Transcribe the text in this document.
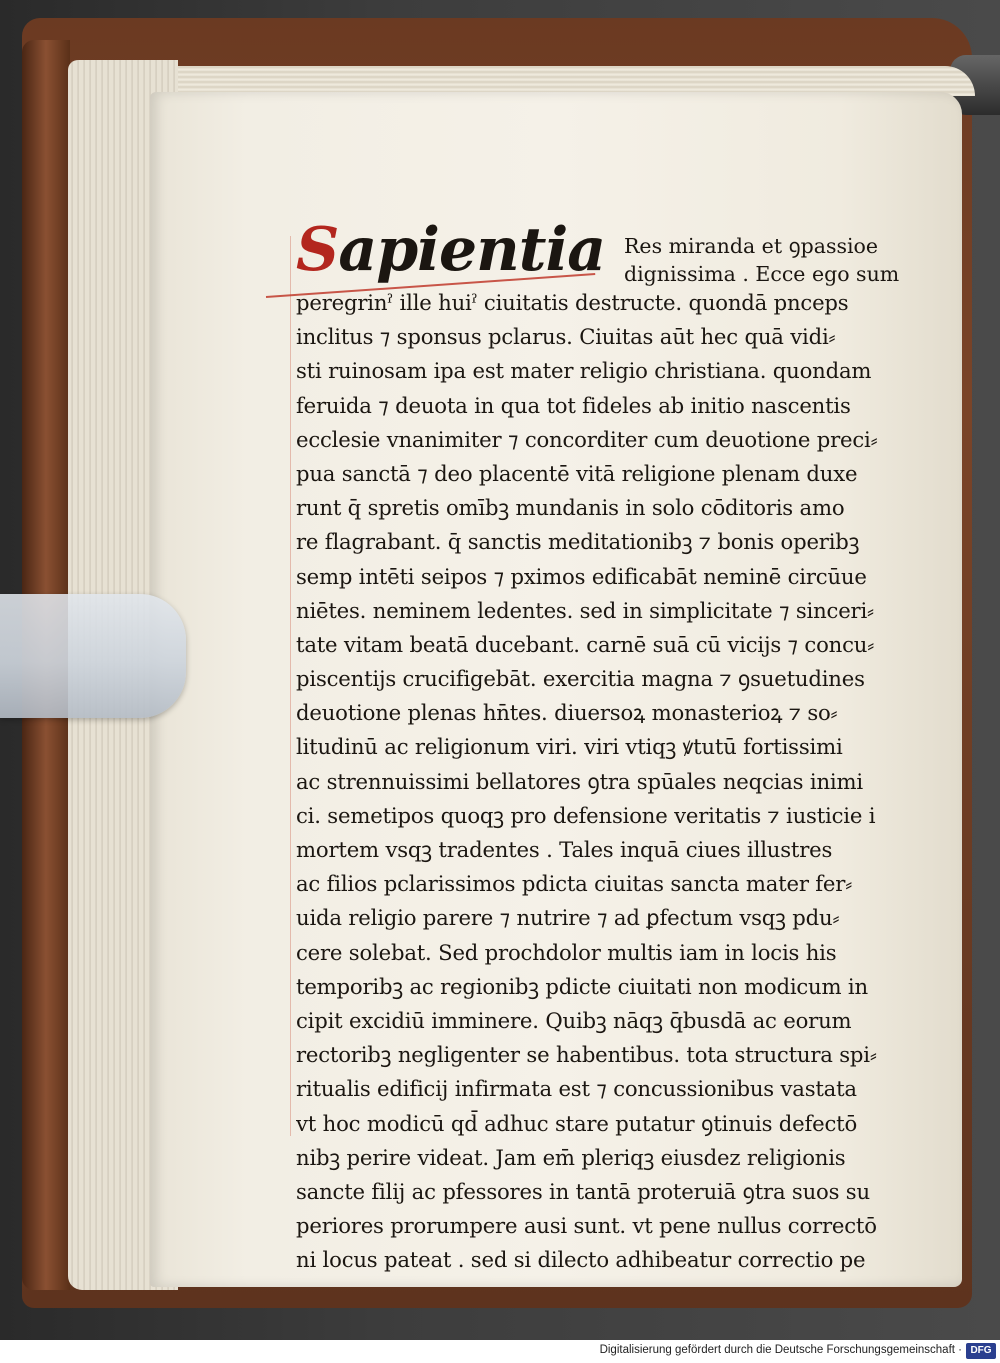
Sapientia Res miranda et ꝯpassioe
dignissima . Ecce ego sum
peregrinˀ ille huiˀ ciuitatis destructe. quondā pnceps
inclitus ⁊ sponsus pclarus. Ciuitas aūt hec quā vidi⸗
sti ruinosam ipa est mater religio christiana. quondam
feruida ⁊ deuota in qua tot fideles ab initio nascentis
ecclesie vnanimiter ⁊ concorditer cum deuotione preci⸗
pua sanctā ⁊ deo placentē vitā religione plenam duxe
runt q̄ spretis omībꝫ mundanis in solo cōditoris amo
re flagrabant. q̄ sanctis meditationibꝫ ⁊ bonis operibꝫ
semp intēti seipos ⁊ pximos edificabāt neminē circūue
niētes. neminem ledentes. sed in simplicitate ⁊ sinceri⸗
tate vitam beatā ducebant. carnē suā cū vicijs ⁊ concu⸗
piscentijs crucifigebāt. exercitia magna ⁊ ꝯsuetudines
deuotione plenas hn̄tes. diuersoꝝ monasterioꝝ ⁊ so⸗
litudinū ac religionum viri. viri vtiqꝫ ꝟtutū fortissimi
ac strennuissimi bellatores ꝯtra spūales neqcias inimi
ci. semetipos quoqꝫ pro defensione veritatis ⁊ iusticie i
mortem vsqꝫ tradentes . Tales inquā ciues illustres
ac filios pclarissimos pdicta ciuitas sancta mater fer⸗
uida religio parere ⁊ nutrire ⁊ ad ꝑfectum vsqꝫ pdu⸗
cere solebat. Sed prochdolor multis iam in locis his
temporibꝫ ac regionibꝫ pdicte ciuitati non modicum in
cipit excidiū imminere. Quibꝫ nāqꝫ q̄busdā ac eorum
rectoribꝫ negligenter se habentibus. tota structura spi⸗
ritualis edificij infirmata est ⁊ concussionibus vastata
vt hoc modicū qd̄ adhuc stare putatur ꝯtinuis defectō
nibꝫ perire videat. Jam em̄ pleriqꝫ eiusdez religionis
sancte filij ac pfessores in tantā proteruiā ꝯtra suos su
periores prorumpere ausi sunt. vt pene nullus correctō
ni locus pateat . sed si dilecto adhibeatur correctio pe
Digitalisierung gefördert durch die Deutsche Forschungsgemeinschaft · DFG
